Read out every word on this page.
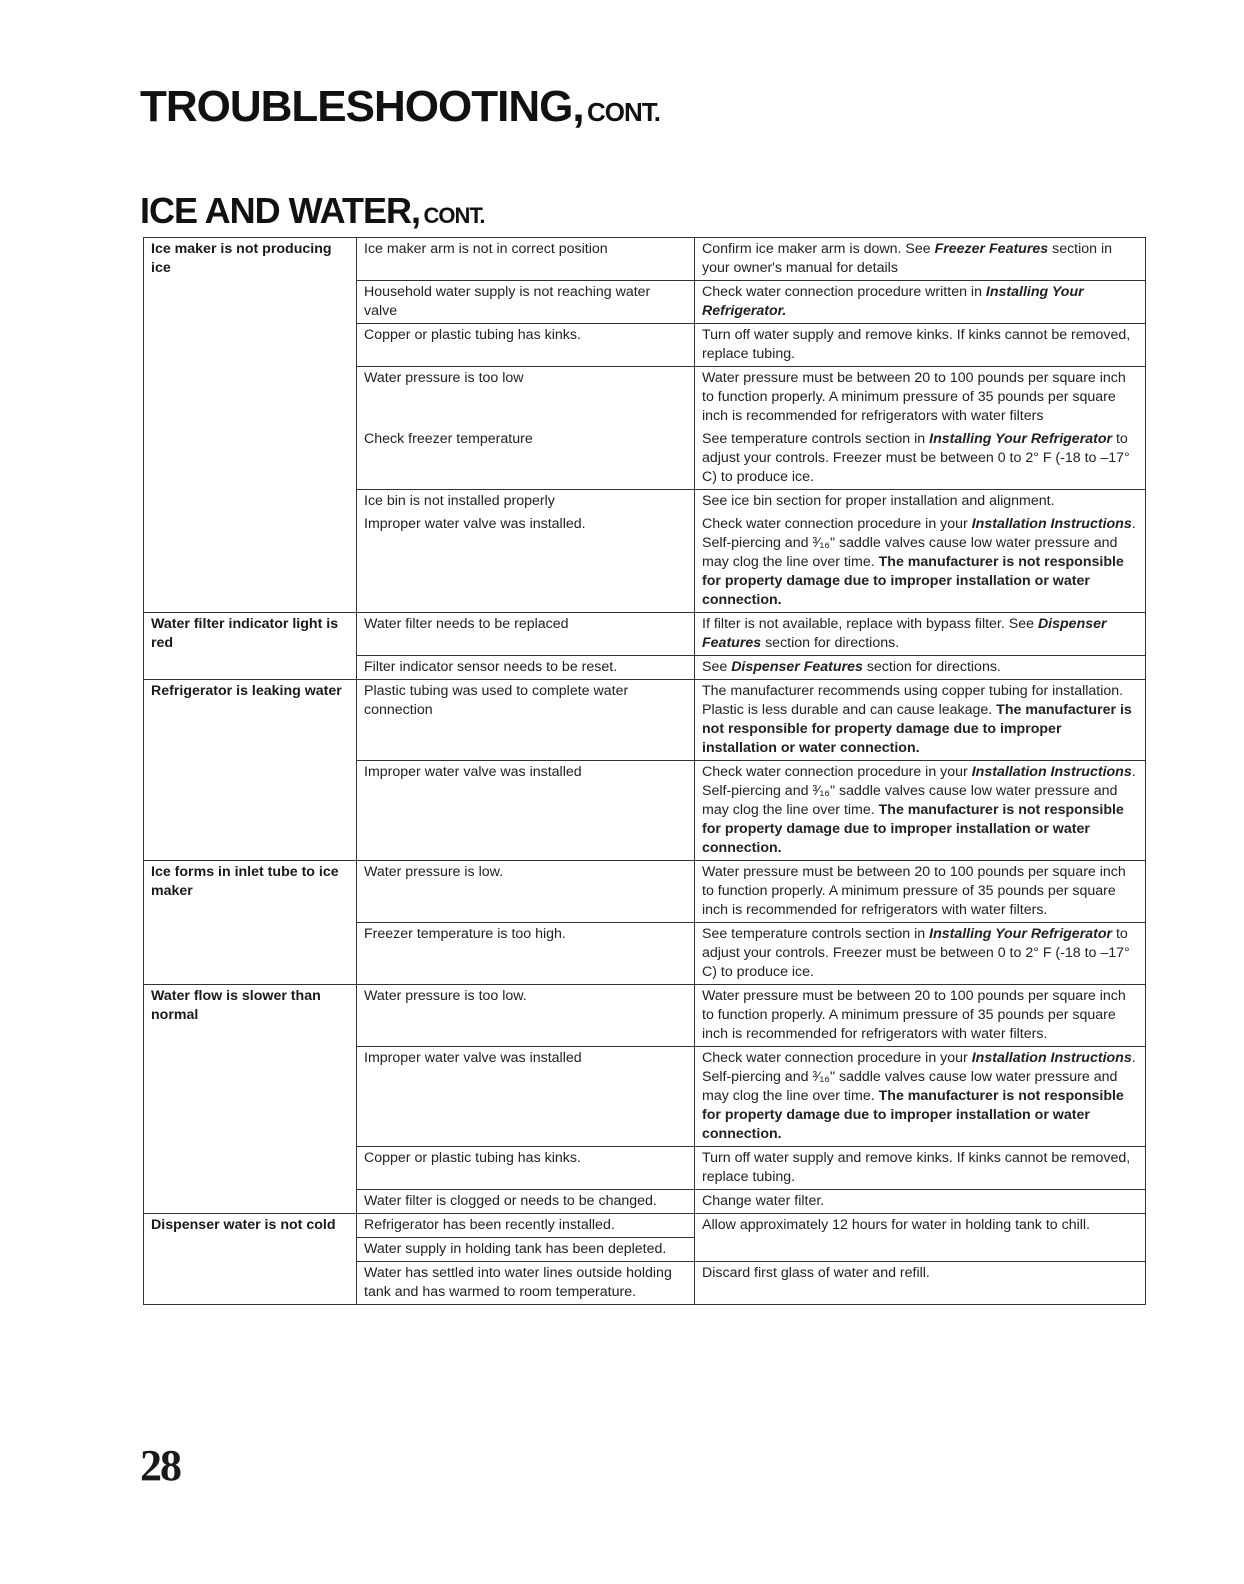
TROUBLESHOOTING, CONT.
ICE AND WATER, CONT.
Ice maker is not producing ice	Ice maker arm is not in correct position	Confirm ice maker arm is down. See Freezer Features section in your owner's manual for details
	Household water supply is not reaching water valve	Check water connection procedure written in Installing Your Refrigerator.
	Copper or plastic tubing has kinks.	Turn off water supply and remove kinks. If kinks cannot be removed, replace tubing.
	Water pressure is too low	Water pressure must be between 20 to 100 pounds per square inch to function properly. A minimum pressure of 35 pounds per square inch is recommended for refrigerators with water filters
	Check freezer temperature	See temperature controls section in Installing Your Refrigerator to adjust your controls. Freezer must be between 0 to 2° F (-18 to –17° C) to produce ice.
	Ice bin is not installed properly	See ice bin section for proper installation and alignment.
	Improper water valve was installed.	Check water connection procedure in your Installation Instructions. Self-piercing and ³⁄₁₆" saddle valves cause low water pressure and may clog the line over time. The manufacturer is not responsible for property damage due to improper installation or water connection.
Water filter indicator light is red	Water filter needs to be replaced	If filter is not available, replace with bypass filter. See Dispenser Features section for directions.
	Filter indicator sensor needs to be reset.	See Dispenser Features section for directions.
Refrigerator is leaking water	Plastic tubing was used to complete water connection	The manufacturer recommends using copper tubing for installation. Plastic is less durable and can cause leakage. The manufacturer is not responsible for property damage due to improper installation or water connection.
	Improper water valve was installed	Check water connection procedure in your Installation Instructions. Self-piercing and ³⁄₁₆" saddle valves cause low water pressure and may clog the line over time. The manufacturer is not responsible for property damage due to improper installation or water connection.
Ice forms in inlet tube to ice maker	Water pressure is low.	Water pressure must be between 20 to 100 pounds per square inch to function properly. A minimum pressure of 35 pounds per square inch is recommended for refrigerators with water filters.
	Freezer temperature is too high.	See temperature controls section in Installing Your Refrigerator to adjust your controls. Freezer must be between 0 to 2° F (-18 to –17° C) to produce ice.
Water flow is slower than normal	Water pressure is too low.	Water pressure must be between 20 to 100 pounds per square inch to function properly. A minimum pressure of 35 pounds per square inch is recommended for refrigerators with water filters.
	Improper water valve was installed	Check water connection procedure in your Installation Instructions. Self-piercing and ³⁄₁₆" saddle valves cause low water pressure and may clog the line over time. The manufacturer is not responsible for property damage due to improper installation or water connection.
	Copper or plastic tubing has kinks.	Turn off water supply and remove kinks. If kinks cannot be removed, replace tubing.
	Water filter is clogged or needs to be changed.	Change water filter.
Dispenser water is not cold	Refrigerator has been recently installed.	Allow approximately 12 hours for water in holding tank to chill.
	Water supply in holding tank has been depleted.	
	Water has settled into water lines outside holding tank and has warmed to room temperature.	Discard first glass of water and refill.
28
